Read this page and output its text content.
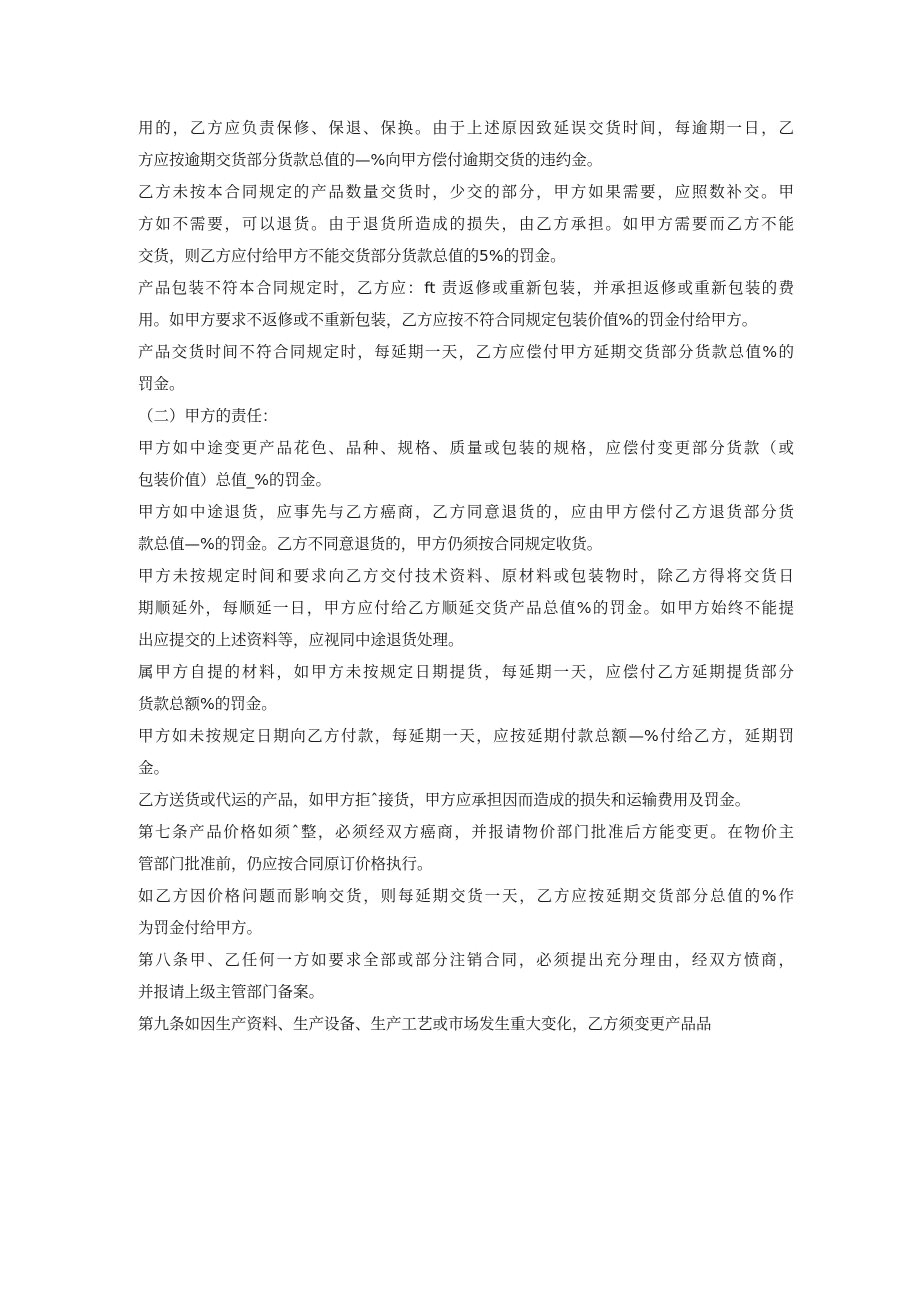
用的，乙方应负责保修、保退、保换。由于上述原因致延误交货时间，每逾期一日，乙
方应按逾期交货部分货款总值的—%向甲方偿付逾期交货的违约金。
乙方未按本合同规定的产品数量交货时，少交的部分，甲方如果需要，应照数补交。甲
方如不需要，可以退货。由于退货所造成的损失，由乙方承担。如甲方需要而乙方不能
交货，则乙方应付给甲方不能交货部分货款总值的5%的罚金。
产品包装不符本合同规定时，乙方应：ft 责返修或重新包装，并承担返修或重新包装的费
用。如甲方要求不返修或不重新包装，乙方应按不符合同规定包装价值%的罚金付给甲方。
产品交货时间不符合同规定时，每延期一天，乙方应偿付甲方延期交货部分货款总值%的
罚金。
（二）甲方的责任：
甲方如中途变更产品花色、品种、规格、质量或包装的规格，应偿付变更部分货款（或
包装价值）总值_%的罚金。
甲方如中途退货，应事先与乙方癌商，乙方同意退货的，应由甲方偿付乙方退货部分货
款总值—%的罚金。乙方不同意退货的，甲方仍须按合同规定收货。
甲方未按规定时间和要求向乙方交付技术资料、原材料或包装物时，除乙方得将交货日
期顺延外，每顺延一日，甲方应付给乙方顺延交货产品总值%的罚金。如甲方始终不能提
出应提交的上述资料等，应视同中途退货处理。
属甲方自提的材料，如甲方未按规定日期提货，每延期一天，应偿付乙方延期提货部分
货款总额%的罚金。
甲方如未按规定日期向乙方付款，每延期一天，应按延期付款总额—%付给乙方，延期罚
金。
乙方送货或代运的产品，如甲方拒ˆ接货，甲方应承担因而造成的损失和运输费用及罚金。
第七条产品价格如须ˆ整，必须经双方癌商，并报请物价部门批准后方能变更。在物价主
管部门批准前，仍应按合同原订价格执行。
如乙方因价格问题而影响交货，则每延期交货一天，乙方应按延期交货部分总值的%作
为罚金付给甲方。
第八条甲、乙任何一方如要求全部或部分注销合同，必须提出充分理由，经双方愤商，
并报请上级主管部门备案。
第九条如因生产资料、生产设备、生产工艺或市场发生重大变化，乙方须变更产品品
